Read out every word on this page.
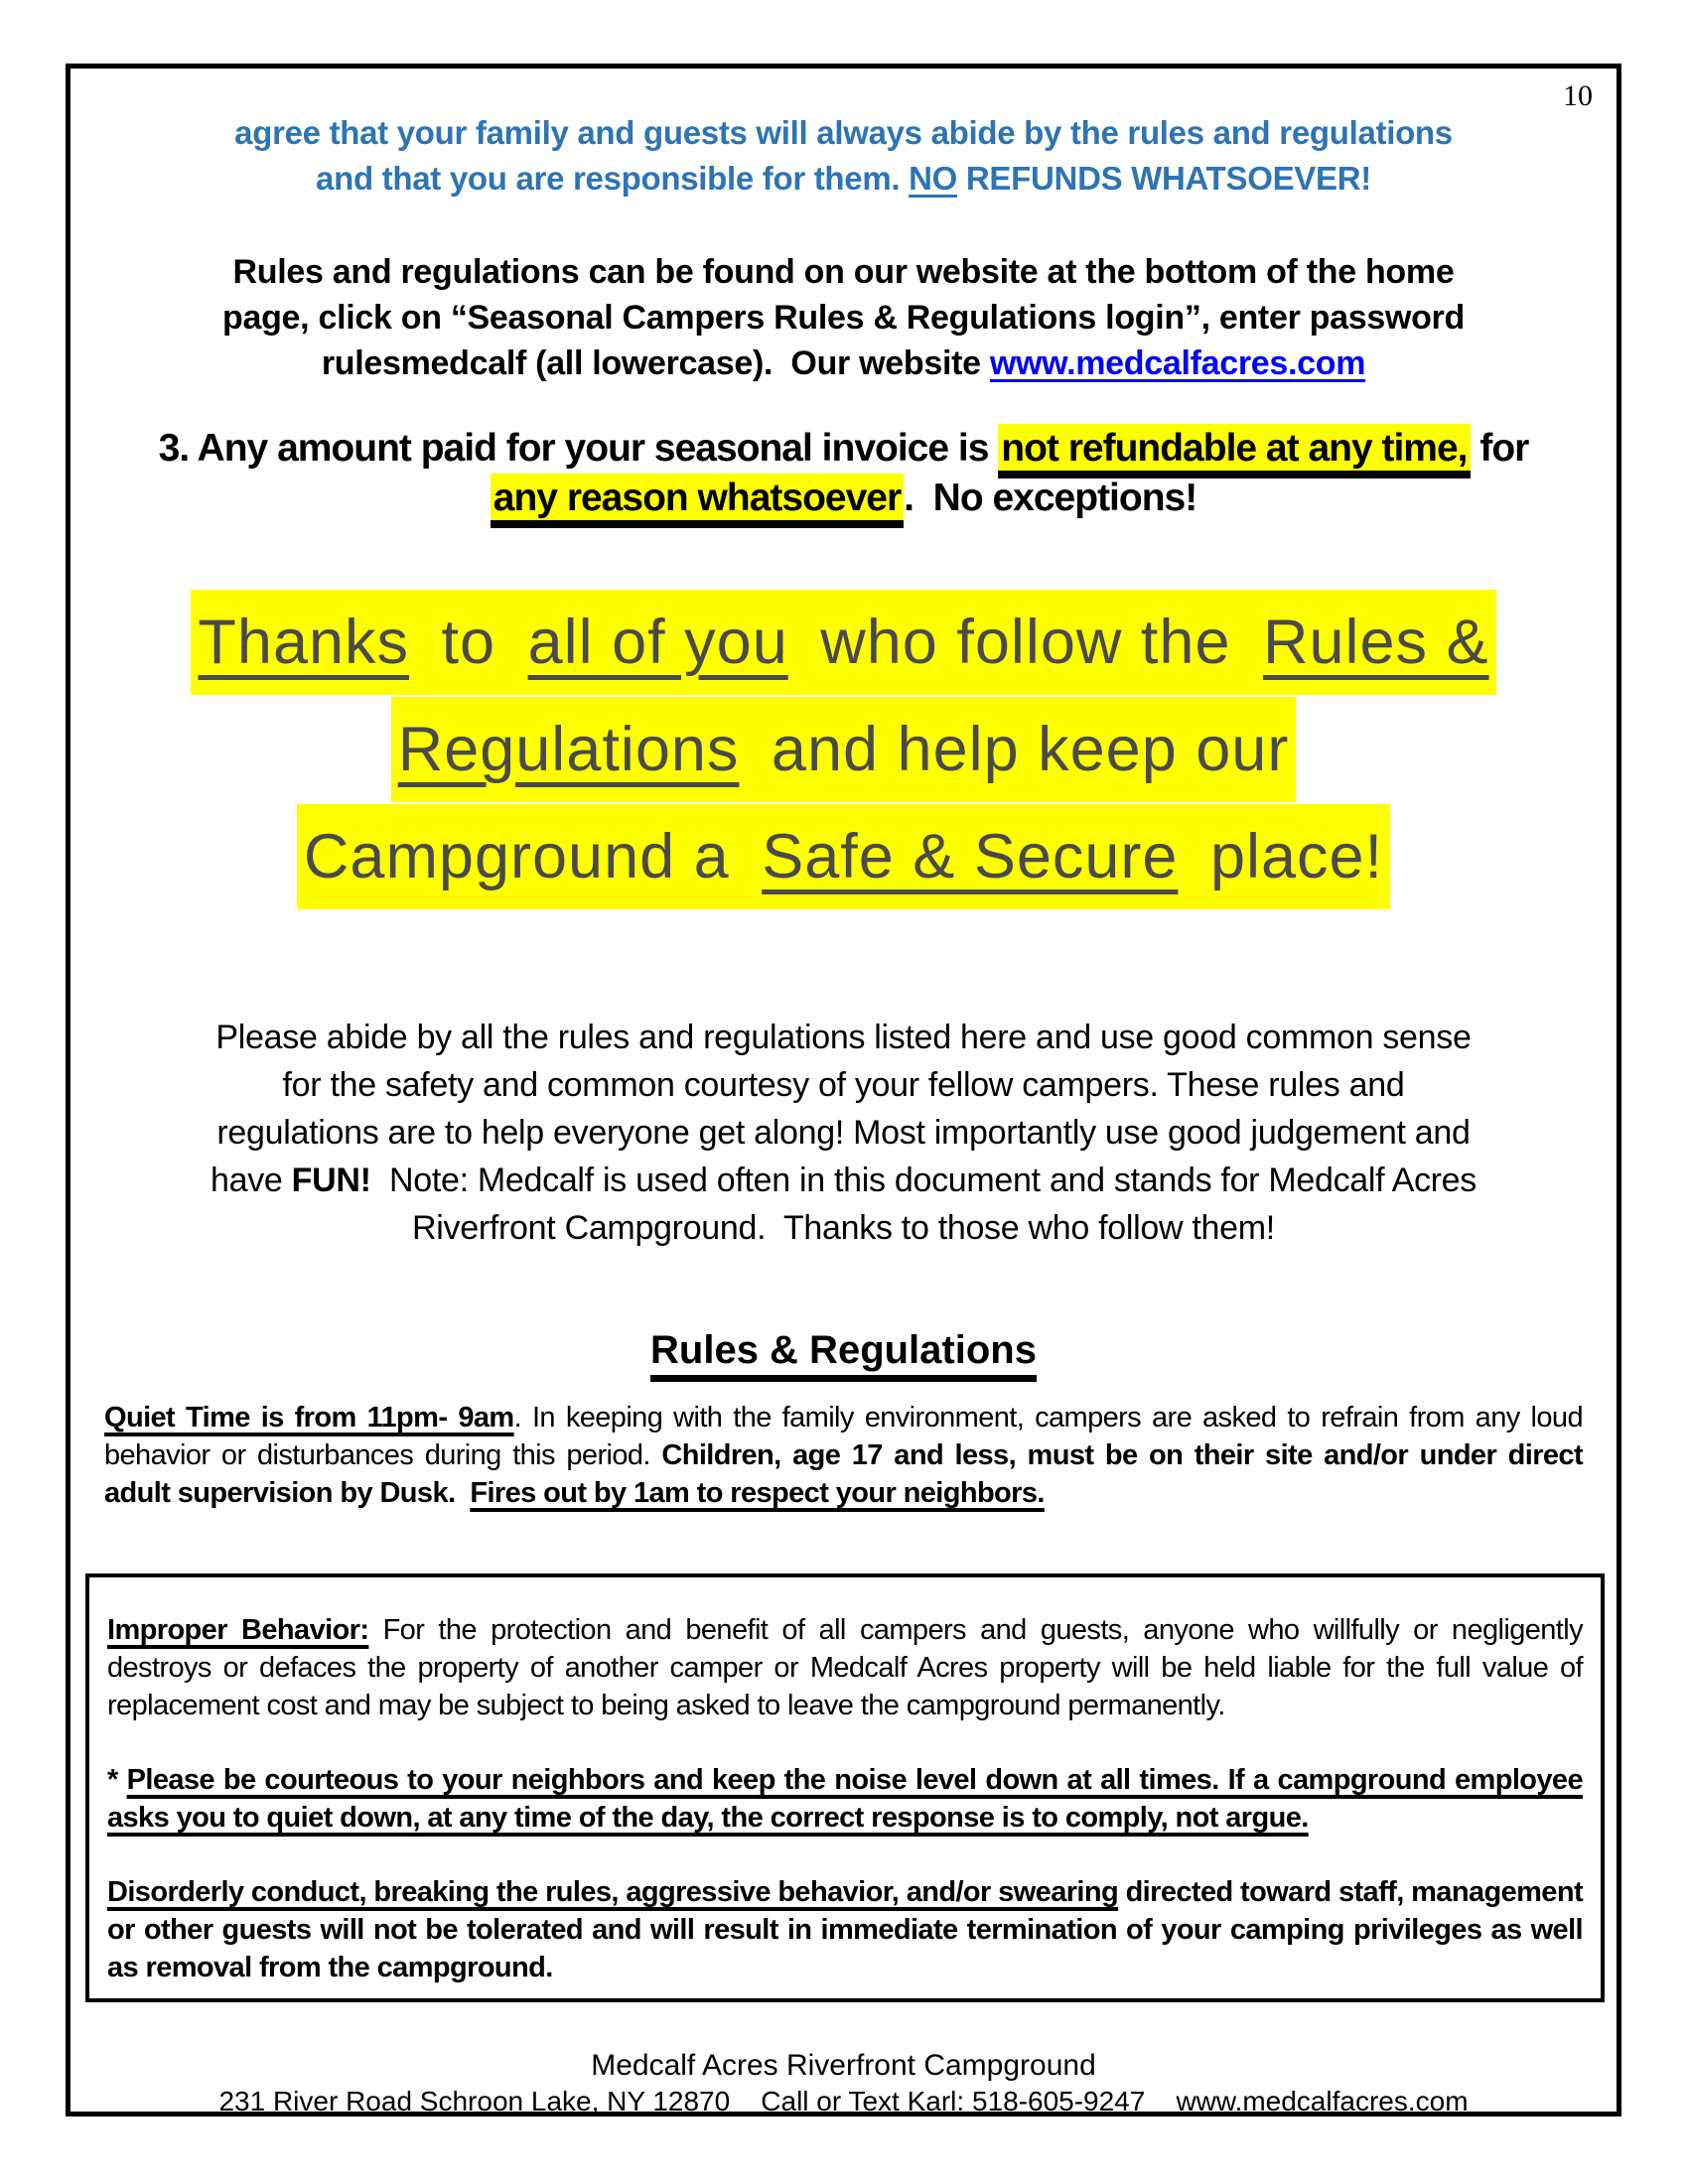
10
agree that your family and guests will always abide by the rules and regulations
and that you are responsible for them. NO REFUNDS WHATSOEVER!
Rules and regulations can be found on our website at the bottom of the home
page, click on “Seasonal Campers Rules & Regulations login”, enter password
rulesmedcalf (all lowercase).  Our website www.medcalfacres.com
3. Any amount paid for your seasonal invoice is not refundable at any time, for
any reason whatsoever.  No exceptions!
Thanks to all of you who follow the Rules &
Regulations and help keep our
Campground a Safe & Secure place!
Please abide by all the rules and regulations listed here and use good common sense
for the safety and common courtesy of your fellow campers. These rules and
regulations are to help everyone get along! Most importantly use good judgement and
have FUN!  Note: Medcalf is used often in this document and stands for Medcalf Acres
Riverfront Campground.  Thanks to those who follow them!
Rules & Regulations

Quiet Time is from 11pm- 9am. In keeping with the family environment, campers are asked to refrain from any loud behavior or disturbances during this period. Children, age 17 and less, must be on their site and/or under direct adult supervision by Dusk.  Fires out by 1am to respect your neighbors.

Improper Behavior: For the protection and benefit of all campers and guests, anyone who willfully or negligently destroys or defaces the property of another camper or Medcalf Acres property will be held liable for the full value of replacement cost and may be subject to being asked to leave the campground permanently.

* Please be courteous to your neighbors and keep the noise level down at all times. If a campground employee asks you to quiet down, at any time of the day, the correct response is to comply, not argue.

Disorderly conduct, breaking the rules, aggressive behavior, and/or swearing directed toward staff, management or other guests will not be tolerated and will result in immediate termination of your camping privileges as well as removal from the campground.

Medcalf Acres Riverfront Campground
231 River Road Schroon Lake, NY 12870    Call or Text Karl: 518-605-9247    www.medcalfacres.com
